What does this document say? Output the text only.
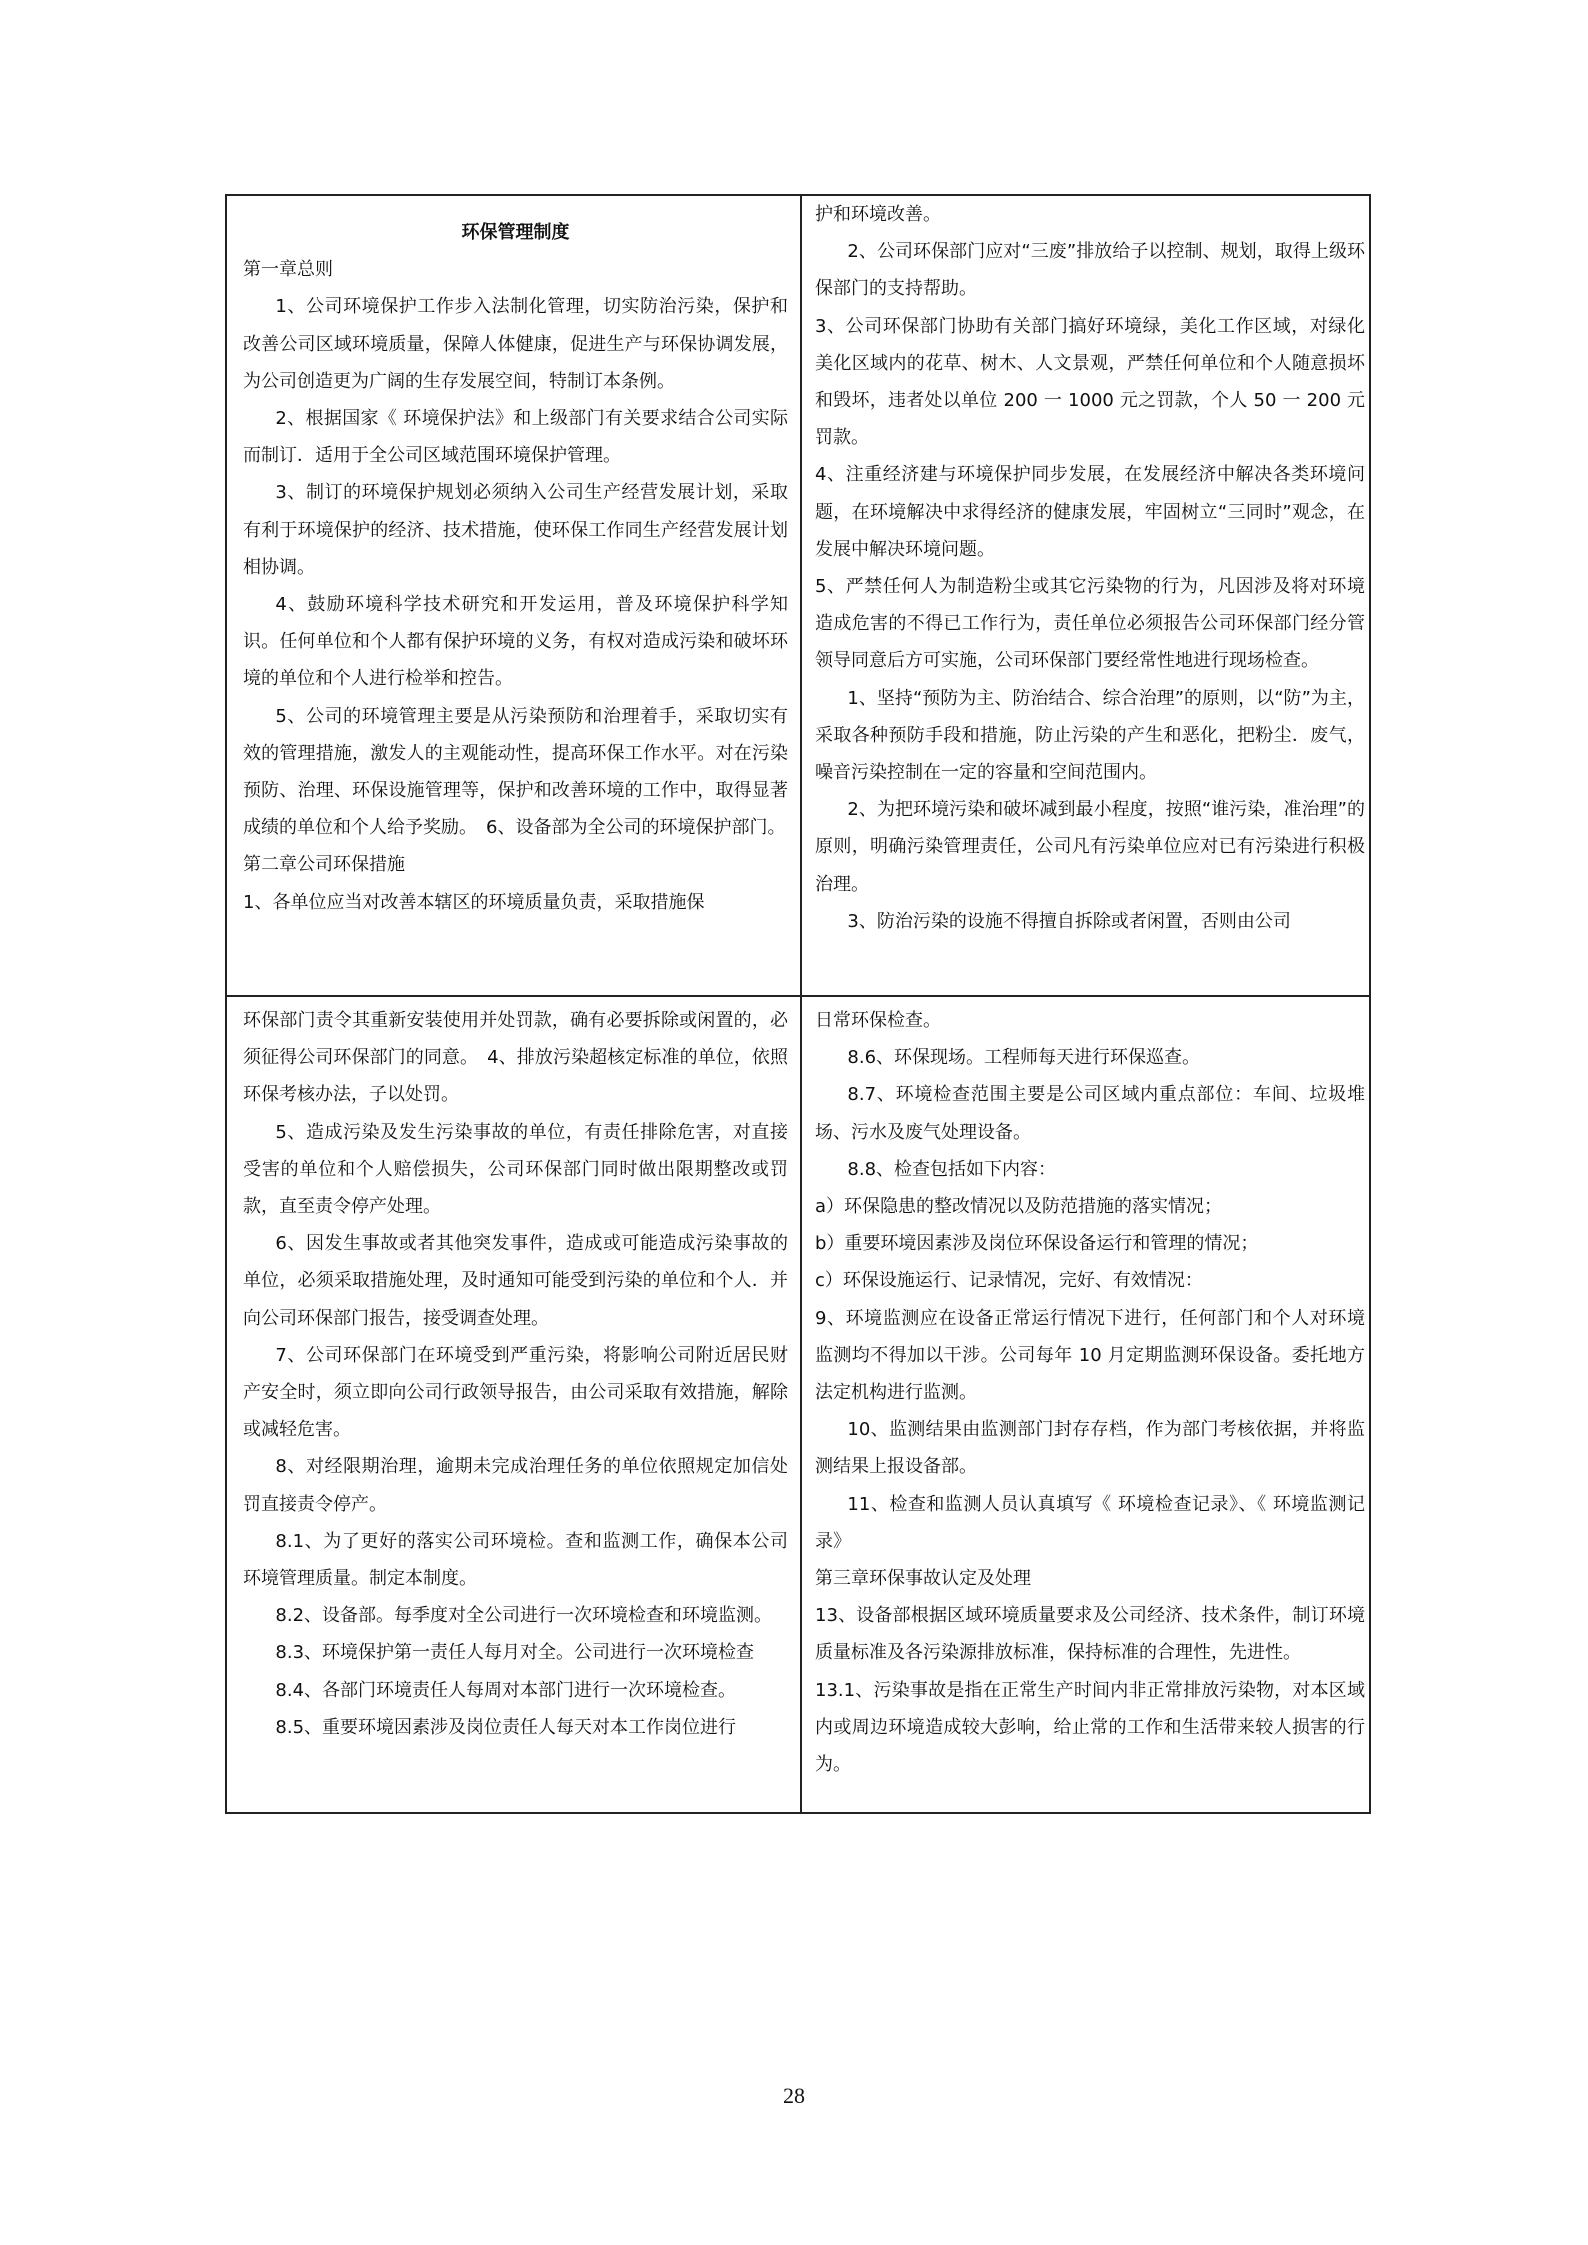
环保管理制度

第一章总则

1、公司环境保护工作步入法制化管理，切实防治污染，保护和改善公司区域环境质量，保障人体健康，促进生产与环保协调发展，为公司创造更为广阔的生存发展空间，特制订本条例。

2、根据国家《 环境保护法》和上级部门有关要求结合公司实际而制订．适用于全公司区域范围环境保护管理。

3、制订的环境保护规划必须纳入公司生产经营发展计划，采取有利于环境保护的经济、技术措施，使环保工作同生产经营发展计划相协调。

4、鼓励环境科学技术研究和开发运用，普及环境保护科学知识。任何单位和个人都有保护环境的义务，有权对造成污染和破坏环境的单位和个人进行检举和控告。

5、公司的环境管理主要是从污染预防和治理着手，采取切实有效的管理措施，激发人的主观能动性，提高环保工作水平。对在污染预防、治理、环保设施管理等，保护和改善环境的工作中，取得显著成绩的单位和个人给予奖励。　6、设备部为全公司的环境保护部门。

第二章公司环保措施

1、各单位应当对改善本辖区的环境质量负责，采取措施保

护和环境改善。

2、公司环保部门应对“三废”排放给子以控制、规划，取得上级环保部门的支持帮助。

3、公司环保部门协助有关部门搞好环境绿，美化工作区域，对绿化美化区域内的花草、树木、人文景观，严禁任何单位和个人随意损坏和毁坏，违者处以单位 200 一 1000 元之罚款，个人 50 一 200 元罚款。

4、注重经济建与环境保护同步发展，在发展经济中解决各类环境问题，在环境解决中求得经济的健康发展，牢固树立“三同时”观念，在发展中解决环境问题。

5、严禁任何人为制造粉尘或其它污染物的行为，凡因涉及将对环境造成危害的不得已工作行为，责任单位必须报告公司环保部门经分管领导同意后方可实施，公司环保部门要经常性地进行现场检查。

1、坚持“预防为主、防治结合、综合治理”的原则，以“防”为主，采取各种预防手段和措施，防止污染的产生和恶化，把粉尘．废气，噪音污染控制在一定的容量和空间范围内。

2、为把环境污染和破坏减到最小程度，按照“谁污染，准治理”的原则，明确污染管理责任，公司凡有污染单位应对已有污染进行积极治理。

3、防治污染的设施不得擅自拆除或者闲置，否则由公司

环保部门责令其重新安装使用并处罚款，确有必要拆除或闲置的，必须征得公司环保部门的同意。　4、排放污染超核定标准的单位，依照环保考核办法，子以处罚。

5、造成污染及发生污染事故的单位，有责任排除危害，对直接受害的单位和个人赔偿损失，公司环保部门同时做出限期整改或罚款，直至责令停产处理。

6、因发生事故或者其他突发事件，造成或可能造成污染事故的单位，必须采取措施处理，及时通知可能受到污染的单位和个人．并向公司环保部门报告，接受调查处理。

7、公司环保部门在环境受到严重污染，将影响公司附近居民财产安全时，须立即向公司行政领导报告，由公司采取有效措施，解除或减轻危害。

8、对经限期治理，逾期未完成治理任务的单位依照规定加信处罚直接责令停产。

8.1、为了更好的落实公司环境检。查和监测工作，确保本公司环境管理质量。制定本制度。

8.2、设备部。每季度对全公司进行一次环境检查和环境监测。

8.3、环境保护第一责任人每月对全。公司进行一次环境检查

8.4、各部门环境责任人每周对本部门进行一次环境检查。

8.5、重要环境因素涉及岗位责任人每天对本工作岗位进行

日常环保检查。

8.6、环保现场。工程师每天进行环保巡查。

8.7、环境检查范围主要是公司区域内重点部位：车间、垃圾堆场、污水及废气处理设备。

8.8、检查包括如下内容：

a）环保隐患的整改情况以及防范措施的落实情况；

b）重要环境因素涉及岗位环保设备运行和管理的情况；

c）环保设施运行、记录情况，完好、有效情况：

9、环境监测应在设备正常运行情况下进行，任何部门和个人对环境监测均不得加以干涉。公司每年 10 月定期监测环保设备。委托地方法定机构进行监测。

10、监测结果由监测部门封存存档，作为部门考核依据，并将监测结果上报设备部。

11、检查和监测人员认真填写《 环境检查记录》、《 环境监测记录》

第三章环保事故认定及处理

13、设备部根据区域环境质量要求及公司经济、技术条件，制订环境质量标准及各污染源排放标准，保持标准的合理性，先进性。

13.1、污染事故是指在正常生产时间内非正常排放污染物，对本区域内或周边环境造成较大彭响，给止常的工作和生活带来较人损害的行为。

28
